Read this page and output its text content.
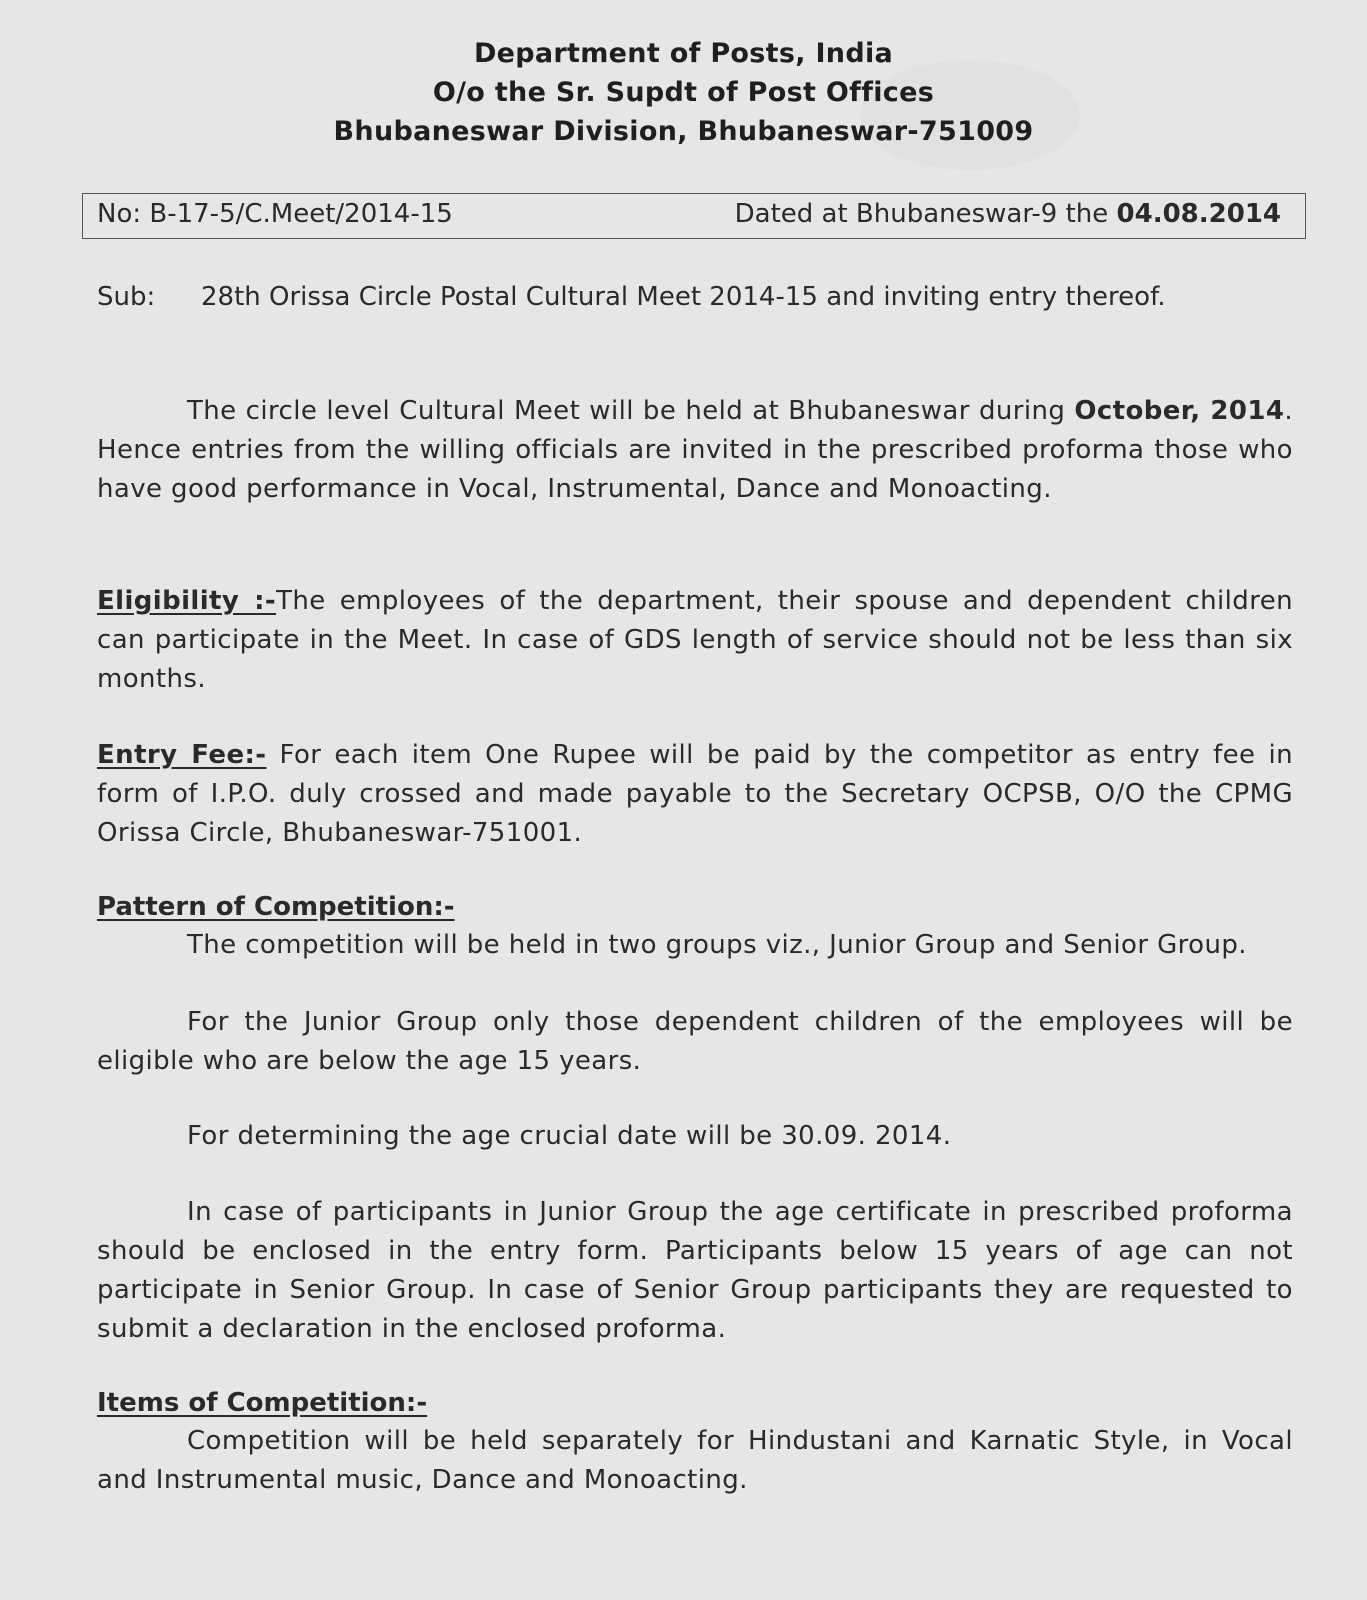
Department of Posts, India
O/o the Sr. Supdt of Post Offices
Bhubaneswar Division, Bhubaneswar-751009
No: B-17-5/C.Meet/2014-15	Dated at Bhubaneswar-9 the 04.08.2014
Sub: 28th Orissa Circle Postal Cultural Meet 2014-15 and inviting entry thereof.
The circle level Cultural Meet will be held at Bhubaneswar during October, 2014. Hence entries from the willing officials are invited in the prescribed proforma those who have good performance in Vocal, Instrumental, Dance and Monoacting.
Eligibility :-The employees of the department, their spouse and dependent children can participate in the Meet. In case of GDS length of service should not be less than six months.
Entry Fee:- For each item One Rupee will be paid by the competitor as entry fee in form of I.P.O. duly crossed and made payable to the Secretary OCPSB, O/O the CPMG Orissa Circle, Bhubaneswar-751001.
Pattern of Competition:-
The competition will be held in two groups viz., Junior Group and Senior Group.
For the Junior Group only those dependent children of the employees will be eligible who are below the age 15 years.
For determining the age crucial date will be 30.09. 2014.
In case of participants in Junior Group the age certificate in prescribed proforma should be enclosed in the entry form. Participants below 15 years of age can not participate in Senior Group. In case of Senior Group participants they are requested to submit a declaration in the enclosed proforma.
Items of Competition:-
Competition will be held separately for Hindustani and Karnatic Style, in Vocal and Instrumental music, Dance and Monoacting.
